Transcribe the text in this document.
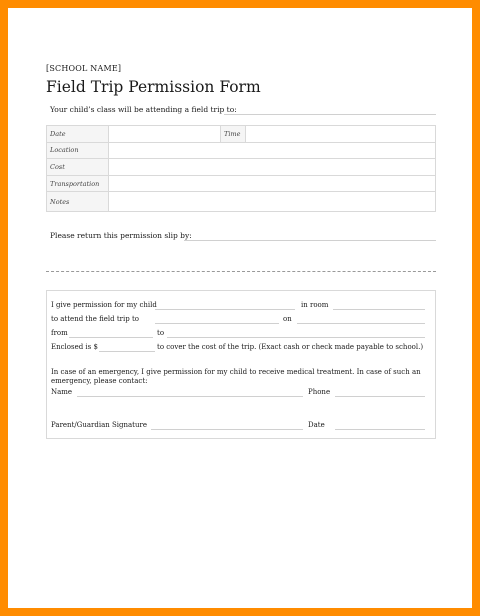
[SCHOOL NAME]
Field Trip Permission Form
Your child’s class will be attending a field trip to:
Date		Time	
Location			
Cost			
Transportation			
Notes			
Please return this permission slip by:
I give permission for my child	in room
to attend the field trip to	on
from	to
Enclosed is $	to cover the cost of the trip. (Exact cash or check made payable to school.)
In case of an emergency, I give permission for my child to receive medical treatment. In case of such an emergency, please contact:
Name	Phone
Parent/Guardian Signature	Date
